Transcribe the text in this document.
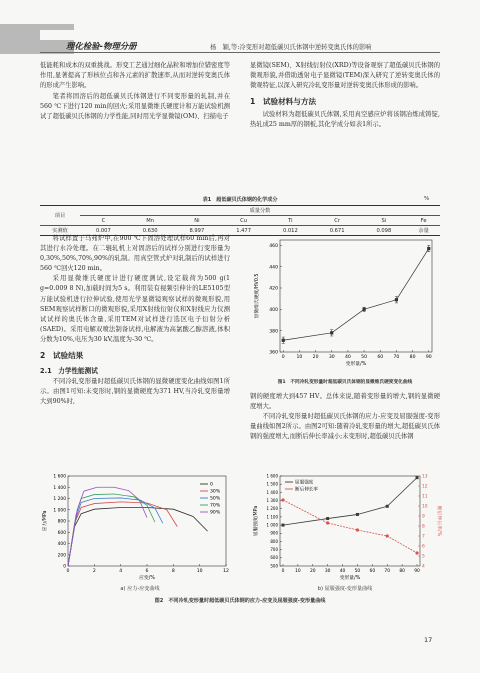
理化检验-物理分册	杨　颖,等:冷变形对超低碳贝氏体钢中逆转变奥氏体的影响

低能耗和成本的双重挑战。形变工艺通过细化晶粒和增加位错密度等作用,显著提高了形核位点和各元素的扩散速率,从而对逆转变奥氏体的形成产生影响。

笔者将固溶后的超低碳贝氏体钢进行不同变形量的轧制,并在560 ℃下进行120 min的回火;采用显微维氏硬度计和万能试验机测试了超低碳贝氏体钢的力学性能,同时用光学显微镜(OM)、扫描电子

显微镜(SEM)、X射线衍射仪(XRD)等设备观察了超低碳贝氏体钢的微观形貌,并借助透射电子显微镜(TEM)深入研究了逆转变奥氏体的微观特征,以深入研究冷轧变形量对逆转变奥氏体形成的影响。

1　试验材料与方法

试验材料为超低碳贝氏体钢,采用真空感应炉将该钢冶炼成铸锭,热轧成25 mm厚的钢板,其化学成分如表1所示。

表1　超低碳贝氏体钢的化学成分	%
项目	质量分数							
	C	Mn	Ni	Cu	Ti	Cr	Si	Fe
实测值	0.007	0.630	8.997	1.477	0.012	0.671	0.098	余量

将试样置于马弗炉中,在900 ℃下固溶处理试样60 min后,再对其进行水冷处理。在二辊轧机上对固溶后的试样分别进行变形量为0,30%,50%,70%,90%的轧制。用真空管式炉对轧制后的试样进行560 ℃回火120 min。

采用显微维氏硬度计进行硬度测试,设定载荷为500 g(1 g=0.009 8 N),加载时间为5 s。利用装有视频引伸计的LE5105型万能试验机进行拉伸试验,使用光学显微镜观察试样的微观形貌,用SEM观察试样断口的微观形貌,采用X射线衍射仪和X射线应力仪测试试样的奥氏体含量,采用TEM对试样进行选区电子衍射分析(SAED)。采用电解双喷法制备试样,电解液为高氯酸乙醇溶液,体积分数为10%,电压为30 kV,温度为-30 ℃。

2　试验结果

2.1　力学性能测试

不同冷轧变形量时超低碳贝氏体钢的显微硬度变化曲线如图1所示。由图1可知:未变形时,钢的显微硬度为371 HV,当冷轧变形量增大到90%时,

0	10 20 30 40 50 60 70 80 90
360
380
400
420
440
460
变形量/%
显微维氏硬度/HV0.5
图1　不同冷轧变形量时超低碳贝氏体钢的显微维氏硬度变化曲线

钢的硬度增大到457 HV。总体来说,随着变形量的增大,钢的显微硬度增大。

不同冷轧变形量时超低碳贝氏体钢的应力-应变及屈服强度-变形量曲线如图2所示。由图2可知:随着冷轧变形量的增大,超低碳贝氏体钢的强度增大,而断后伸长率减小;未变形时,超低碳贝氏体钢

0	2	4	6	8	10	12
0
200
400
600
800
1 000
1 200
1 400
1 600
应变/%
应力/MPa
0
30%
50%
70%
90%
a) 应力-应变曲线
0 10 20 30 40 50 60 70 80 90
500
600
700
800
900
1 000
1 100
1 200
1 300
1 400
1 500
1 600
4
5
6
7
8
9
10
11
12
13
变形量/%
屈服强度/MPa	断后伸长率/%
屈服强度
断后伸长率
b) 屈服强度-变形量曲线
图2　不同冷轧变形量时超低碳贝氏体钢的应力-应变及屈服强度-变形量曲线
17
